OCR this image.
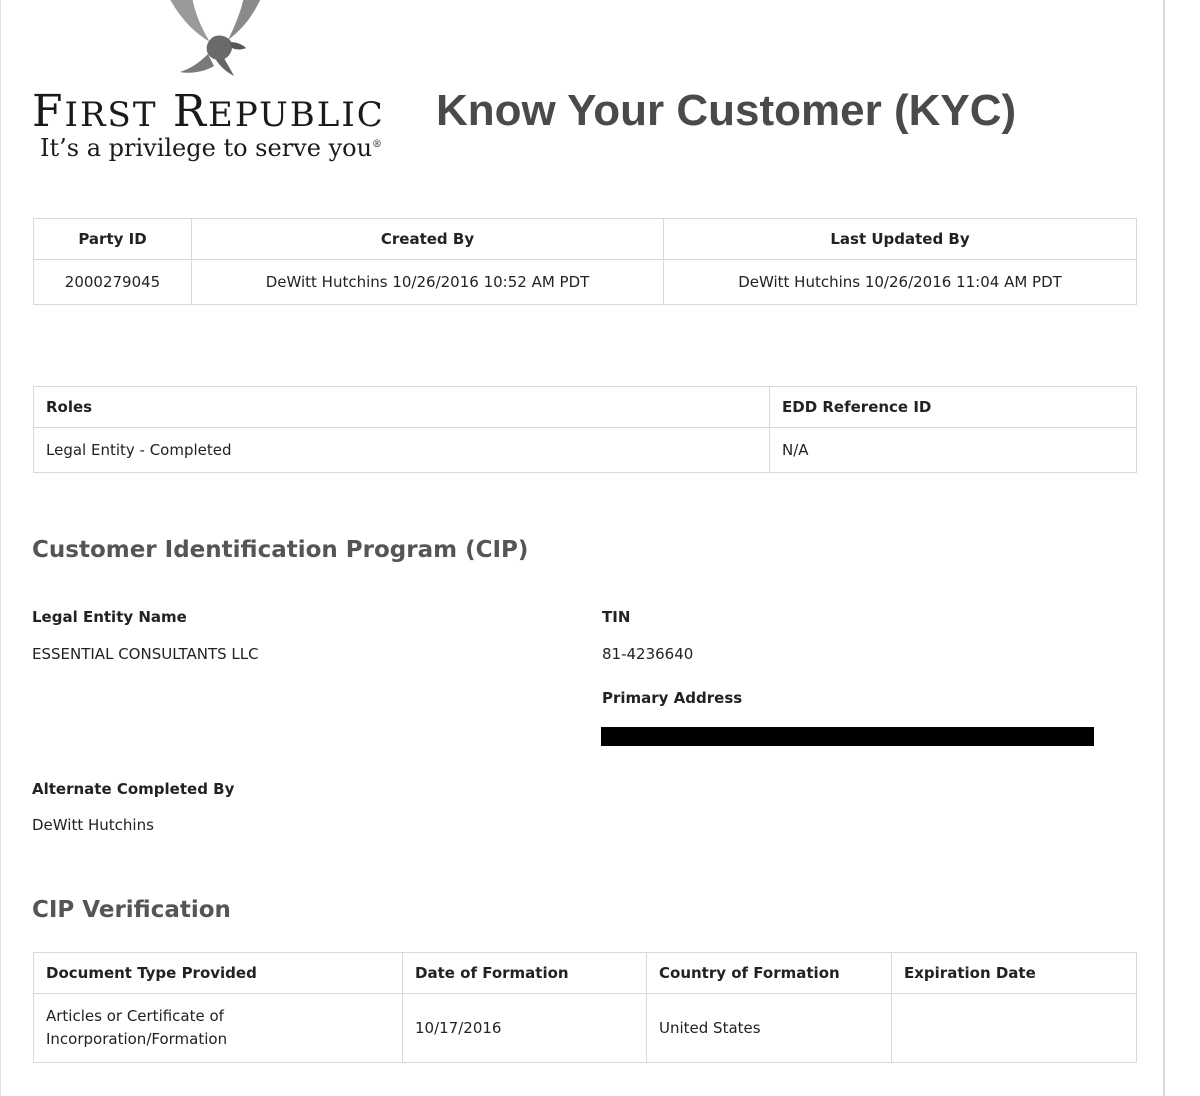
FIRST REPUBLIC
It’s a privilege to serve you®
Know Your Customer (KYC)
Party ID	Created By	Last Updated By
2000279045	DeWitt Hutchins 10/26/2016 10:52 AM PDT	DeWitt Hutchins 10/26/2016 11:04 AM PDT
Roles	EDD Reference ID
Legal Entity - Completed	N/A
Customer Identification Program (CIP)
Legal Entity Name
ESSENTIAL CONSULTANTS LLC
TIN
81-4236640
Primary Address
Alternate Completed By
DeWitt Hutchins
CIP Verification
Document Type Provided	Date of Formation	Country of Formation	Expiration Date

Articles or Certificate of
Incorporation/Formation	10/17/2016	United States	
